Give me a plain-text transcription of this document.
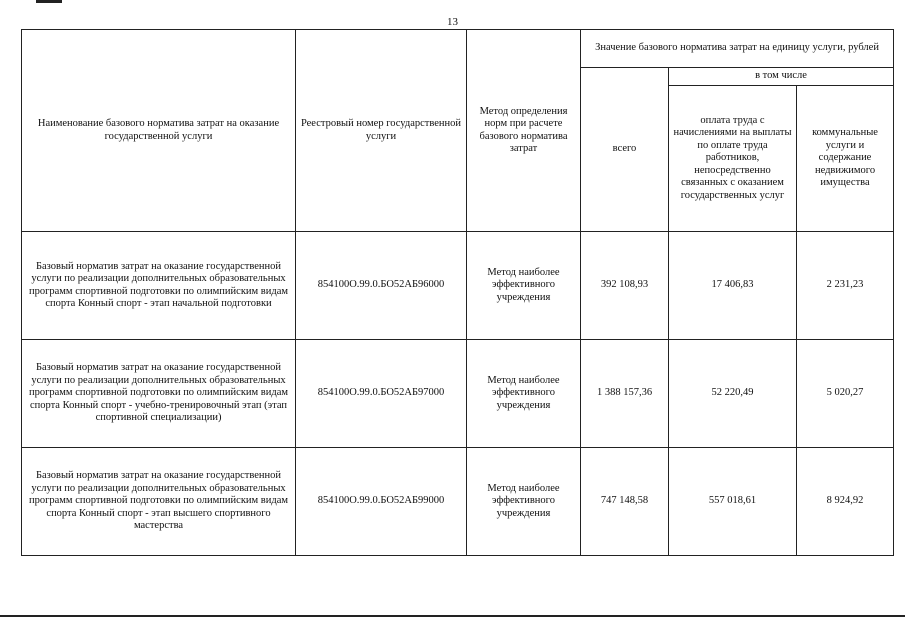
13
Наименование базового норматива затрат на оказание государственной услуги	Реестровый номер государственной услуги	Метод определения норм при расчете базового норматива затрат	Значение базового норматива затрат на единицу услуги, рублей		
			всего	в том числе	
				оплата труда с начислениями на выплаты по оплате труда работников, непосредственно связанных с оказанием государственных услуг	коммунальные услуги и содержание недвижимого имущества
Базовый норматив затрат на оказание государственной услуги по реализации дополнительных образовательных программ спортивной подготовки по олимпийским видам спорта Конный спорт - этап начальной подготовки	854100О.99.0.БО52АБ96000	Метод наиболее эффективного учреждения	392 108,93	17 406,83	2 231,23
Базовый норматив затрат на оказание государственной услуги по реализации дополнительных образовательных программ спортивной подготовки по олимпийским видам спорта Конный спорт - учебно-тренировочный этап (этап спортивной специализации)	854100О.99.0.БО52АБ97000	Метод наиболее эффективного учреждения	1 388 157,36	52 220,49	5 020,27
Базовый норматив затрат на оказание государственной услуги по реализации дополнительных образовательных программ спортивной подготовки по олимпийским видам спорта Конный спорт - этап высшего спортивного мастерства	854100О.99.0.БО52АБ99000	Метод наиболее эффективного учреждения	747 148,58	557 018,61	8 924,92
